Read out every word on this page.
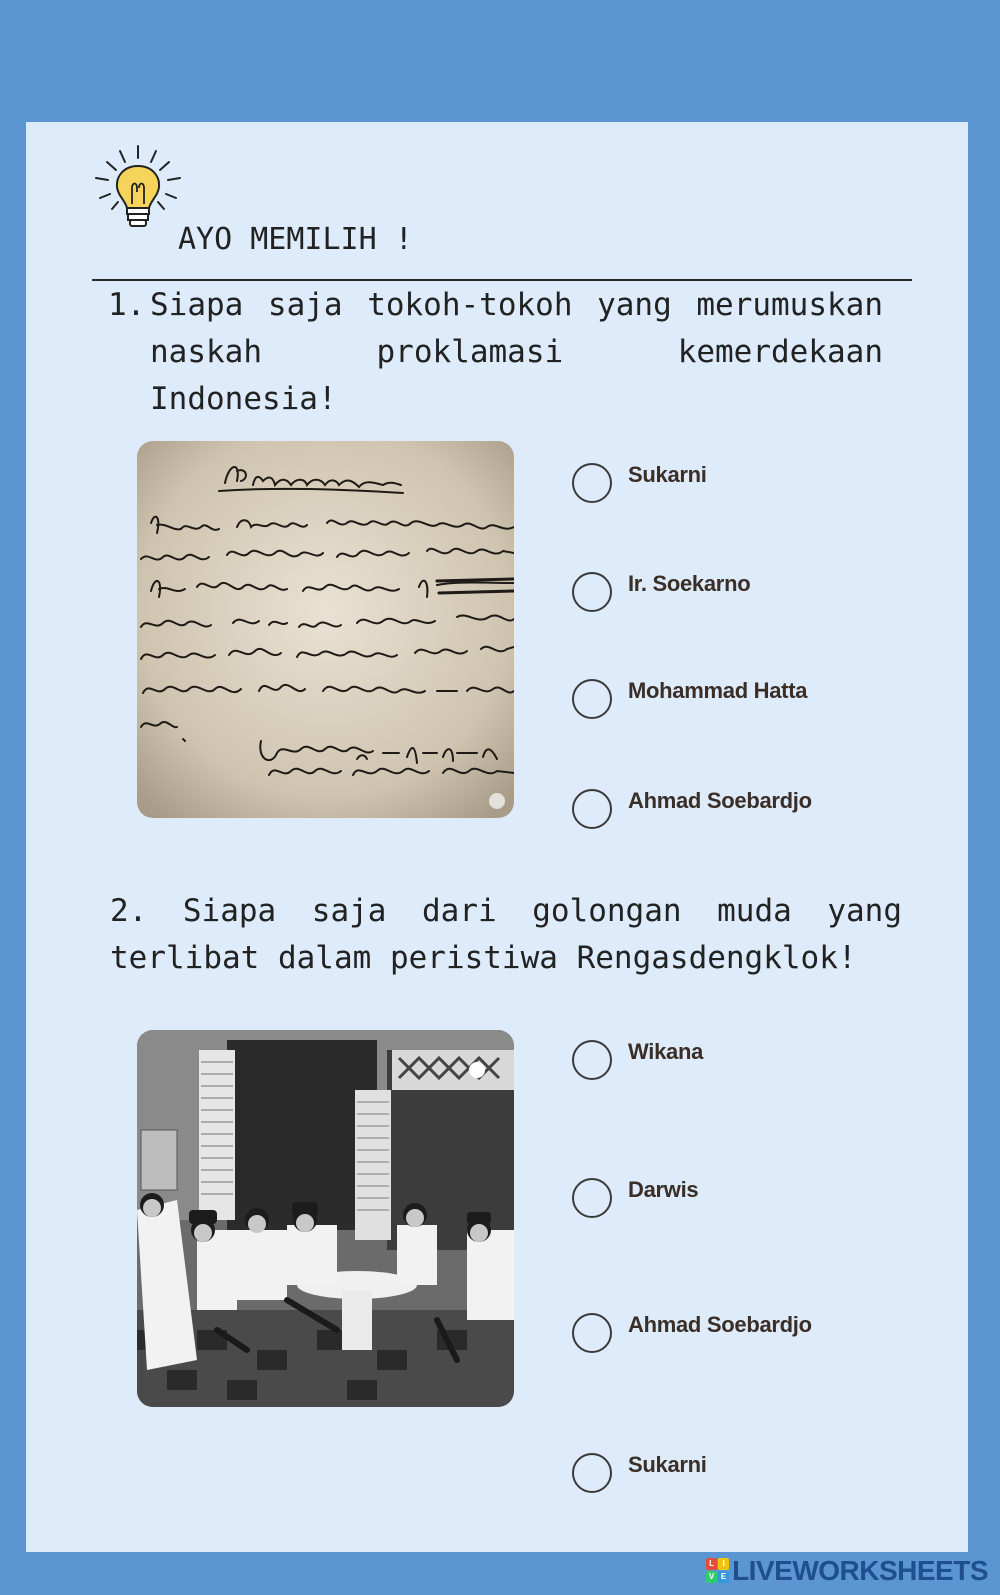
AYO MEMILIH !
1. Siapa saja tokoh-tokoh yang merumuskan naskah proklamasi kemerdekaan Indonesia!
Sukarni
Ir. Soekarno
Mohammad Hatta
Ahmad Soebardjo
2. Siapa saja dari golongan muda yang terlibat dalam peristiwa Rengasdengklok!
Wikana
Darwis
Ahmad Soebardjo
Sukarni
L	I
V E LIVEWORKSHEETS
